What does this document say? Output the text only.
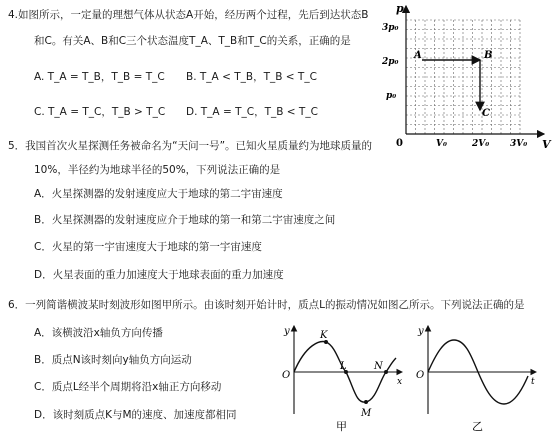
4.如图所示，一定量的理想气体从状态A开始，经历两个过程，先后到达状态B
和C。有关A、B和C三个状态温度T_A、T_B和T_C的关系，正确的是
A. T_A = T_B，T_B = T_C B. T_A < T_B，T_B < T_C
C. T_A = T_C，T_B > T_C D. T_A = T_C，T_B < T_C
p
V
0
3p₀
2p₀
p₀
V₀	2V₀ 3V₀
A	B
C
5．我国首次火星探测任务被命名为“天问一号”。已知火星质量约为地球质量的
10%，半径约为地球半径的50%，下列说法正确的是
A．火星探测器的发射速度应大于地球的第二宇宙速度
B．火星探测器的发射速度应介于地球的第一和第二宇宙速度之间
C．火星的第一宇宙速度大于地球的第一宇宙速度
D．火星表面的重力加速度大于地球表面的重力加速度
6．一列简谐横波某时刻波形如图甲所示。由该时刻开始计时，质点L的振动情况如图乙所示。下列说法正确的是
A．该横波沿x轴负方向传播
B．质点N该时刻向y轴负方向运动
C．质点L经半个周期将沿x轴正方向移动
D．该时刻质点K与M的速度、加速度都相同
y
x
O
K
L
M
N
甲
y
t
O
乙
